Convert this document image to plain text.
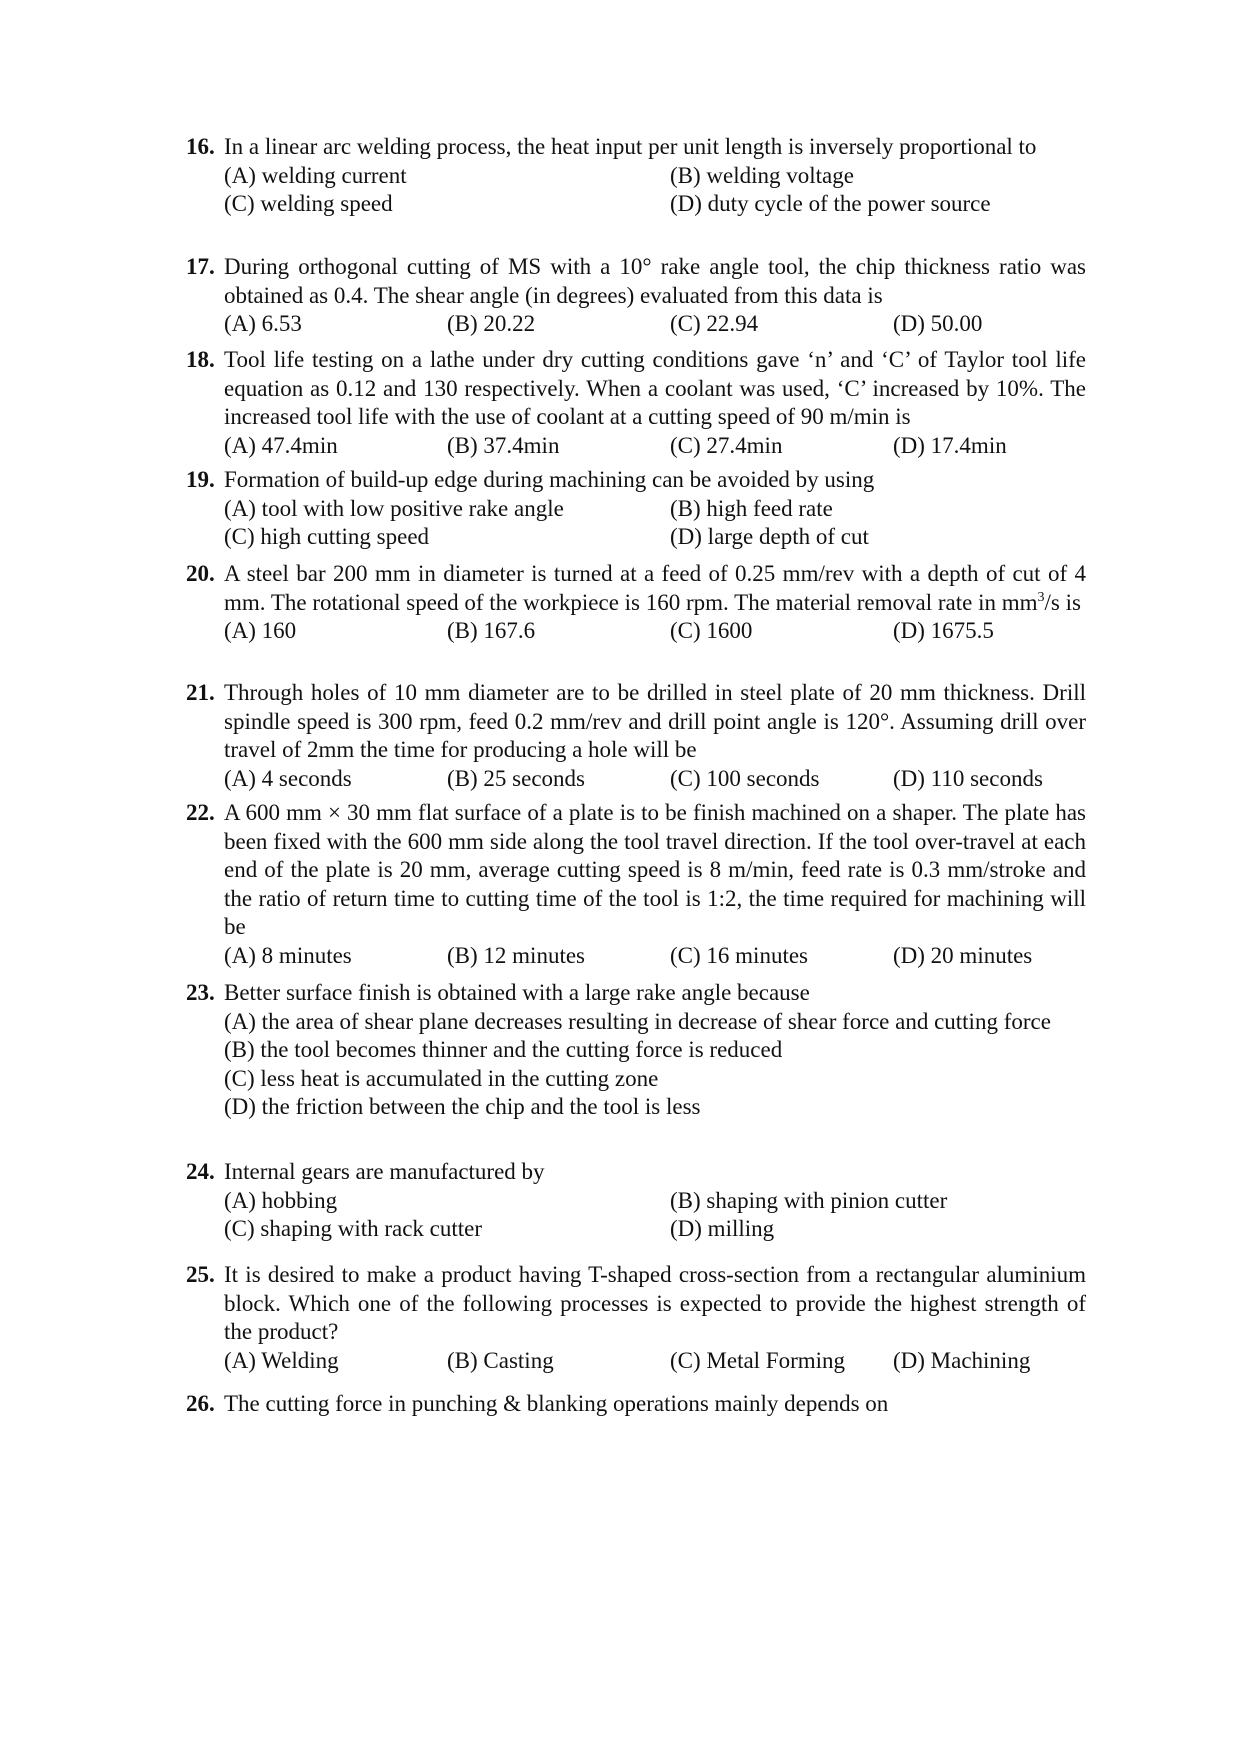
16. In a linear arc welding process, the heat input per unit length is inversely proportional to
(A) welding current	(B) welding voltage
(C) welding speed	(D) duty cycle of the power source
17. During orthogonal cutting of MS with a 10° rake angle tool, the chip thickness ratio was obtained as 0.4. The shear angle (in degrees) evaluated from this data is
(A) 6.53	(B) 20.22	(C) 22.94	(D) 50.00
18. Tool life testing on a lathe under dry cutting conditions gave ‘n’ and ‘C’ of Taylor tool life equation as 0.12 and 130 respectively. When a coolant was used, ‘C’ increased by 10%. The increased tool life with the use of coolant at a cutting speed of 90 m/min is
(A) 47.4min	(B) 37.4min	(C) 27.4min	(D) 17.4min
19. Formation of build-up edge during machining can be avoided by using
(A) tool with low positive rake angle	(B) high feed rate
(C) high cutting speed	(D) large depth of cut
20. A steel bar 200 mm in diameter is turned at a feed of 0.25 mm/rev with a depth of cut of 4 mm. The rotational speed of the workpiece is 160 rpm. The material removal rate in $mm^3/s$ is
(A) 160	(B) 167.6	(C) 1600	(D) 1675.5
21. Through holes of 10 mm diameter are to be drilled in steel plate of 20 mm thickness. Drill spindle speed is 300 rpm, feed 0.2 mm/rev and drill point angle is 120°. Assuming drill over travel of 2mm the time for producing a hole will be
(A) 4 seconds	(B) 25 seconds	(C) 100 seconds	(D) 110 seconds
22. A 600 mm × 30 mm flat surface of a plate is to be finish machined on a shaper. The plate has been fixed with the 600 mm side along the tool travel direction. If the tool over-travel at each end of the plate is 20 mm, average cutting speed is 8 m/min, feed rate is 0.3 mm/stroke and the ratio of return time to cutting time of the tool is 1:2, the time required for machining will be
(A) 8 minutes	(B) 12 minutes	(C) 16 minutes	(D) 20 minutes
23. Better surface finish is obtained with a large rake angle because
(A) the area of shear plane decreases resulting in decrease of shear force and cutting force
(B) the tool becomes thinner and the cutting force is reduced
(C) less heat is accumulated in the cutting zone
(D) the friction between the chip and the tool is less
24. Internal gears are manufactured by
(A) hobbing	(B) shaping with pinion cutter
(C) shaping with rack cutter	(D) milling
25. It is desired to make a product having T-shaped cross-section from a rectangular aluminium block. Which one of the following processes is expected to provide the highest strength of the product?
(A) Welding	(B) Casting	(C) Metal Forming (D) Machining
26. The cutting force in punching & blanking operations mainly depends on
